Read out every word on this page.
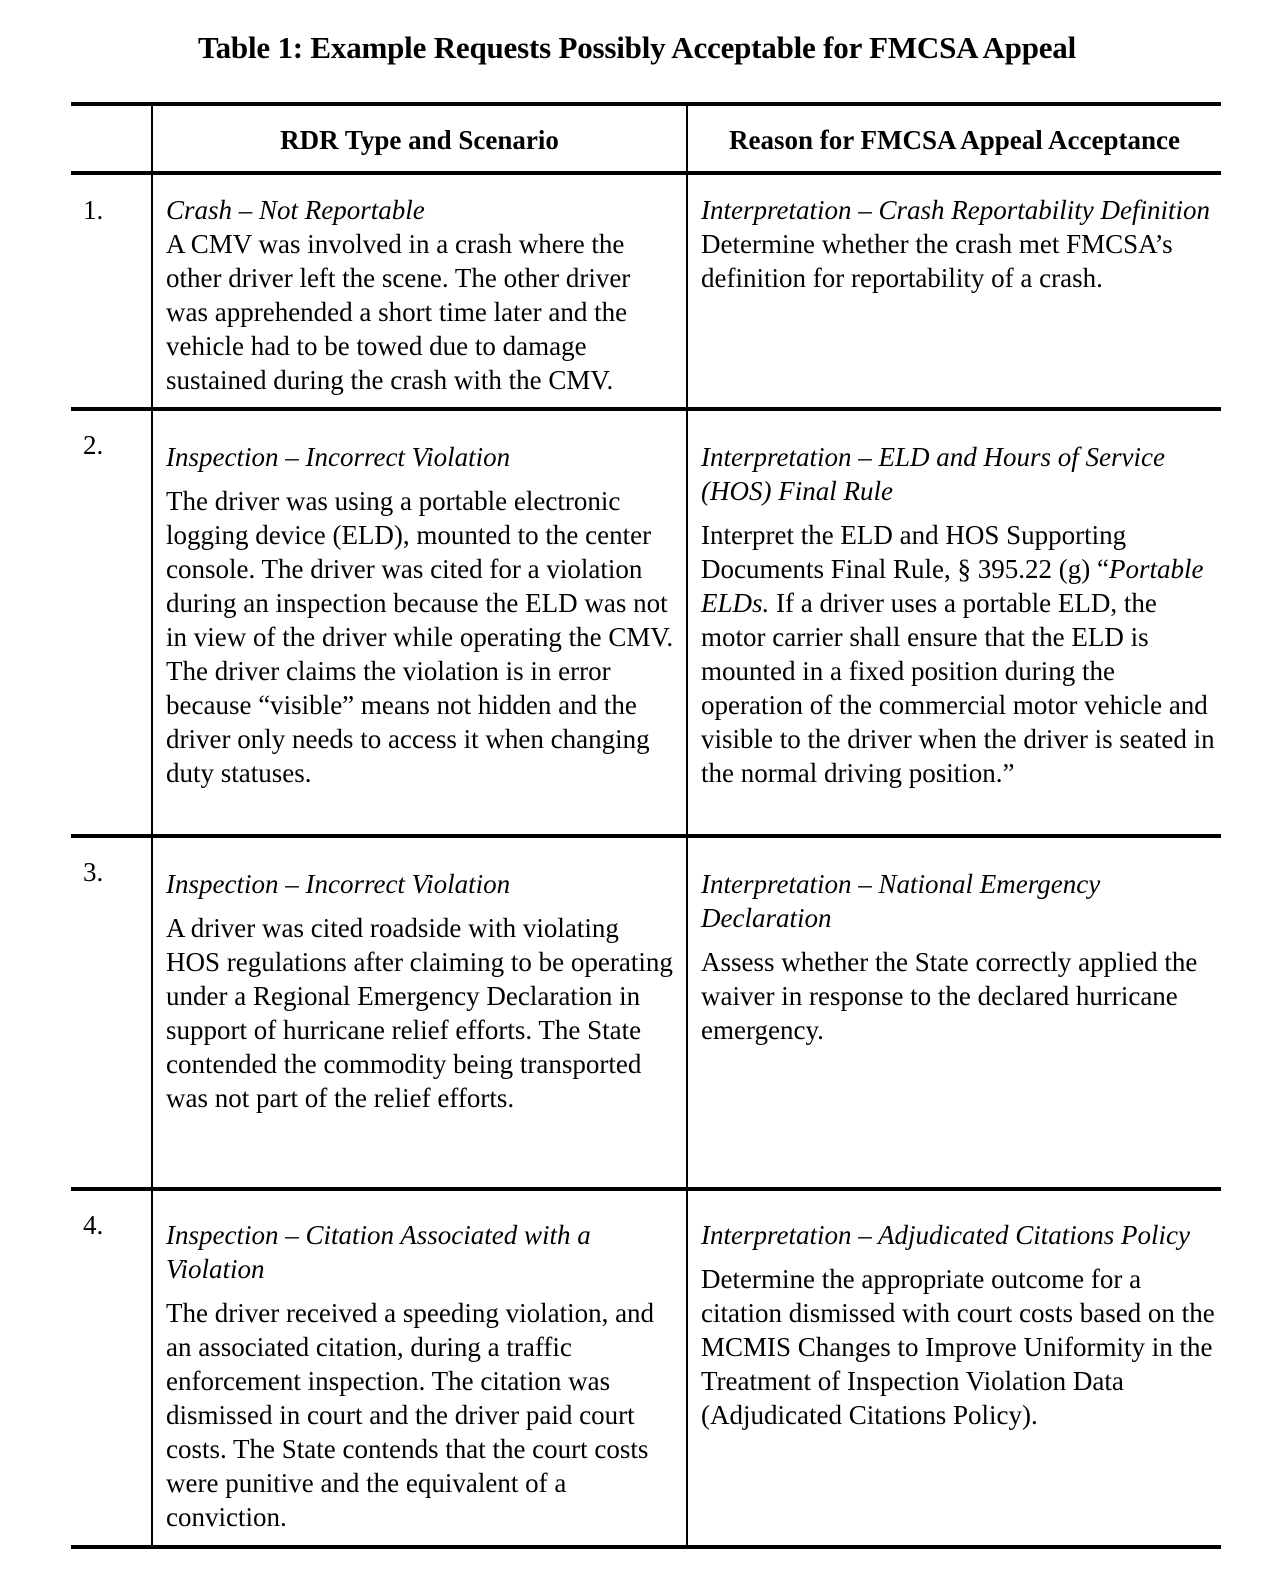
Table 1: Example Requests Possibly Acceptable for FMCSA Appeal
RDR Type and Scenario	Reason for FMCSA Appeal Acceptance
1. Crash – Not Reportable

A CMV was involved in a crash where the other driver left the scene. The other driver was apprehended a short time later and the vehicle had to be towed due to damage sustained during the crash with the CMV.

Interpretation – Crash Reportability Definition

Determine whether the crash met FMCSA’s definition for reportability of a crash.

2. Inspection – Incorrect Violation

The driver was using a portable electronic logging device (ELD), mounted to the center console. The driver was cited for a violation during an inspection because the ELD was not in view of the driver while operating the CMV. The driver claims the violation is in error because “visible” means not hidden and the driver only needs to access it when changing duty statuses.

Interpretation – ELD and Hours of Service (HOS) Final Rule

Interpret the ELD and HOS Supporting Documents Final Rule, § 395.22 (g) “Portable ELDs. If a driver uses a portable ELD, the motor carrier shall ensure that the ELD is mounted in a fixed position during the operation of the commercial motor vehicle and visible to the driver when the driver is seated in the normal driving position.”

3. Inspection – Incorrect Violation

A driver was cited roadside with violating HOS regulations after claiming to be operating under a Regional Emergency Declaration in support of hurricane relief efforts. The State contended the commodity being transported was not part of the relief efforts.

Interpretation – National Emergency Declaration

Assess whether the State correctly applied the waiver in response to the declared hurricane emergency.

4. Inspection – Citation Associated with a Violation

The driver received a speeding violation, and an associated citation, during a traffic enforcement inspection. The citation was dismissed in court and the driver paid court costs. The State contends that the court costs were punitive and the equivalent of a conviction.

Interpretation – Adjudicated Citations Policy

Determine the appropriate outcome for a citation dismissed with court costs based on the MCMIS Changes to Improve Uniformity in the Treatment of Inspection Violation Data (Adjudicated Citations Policy).
